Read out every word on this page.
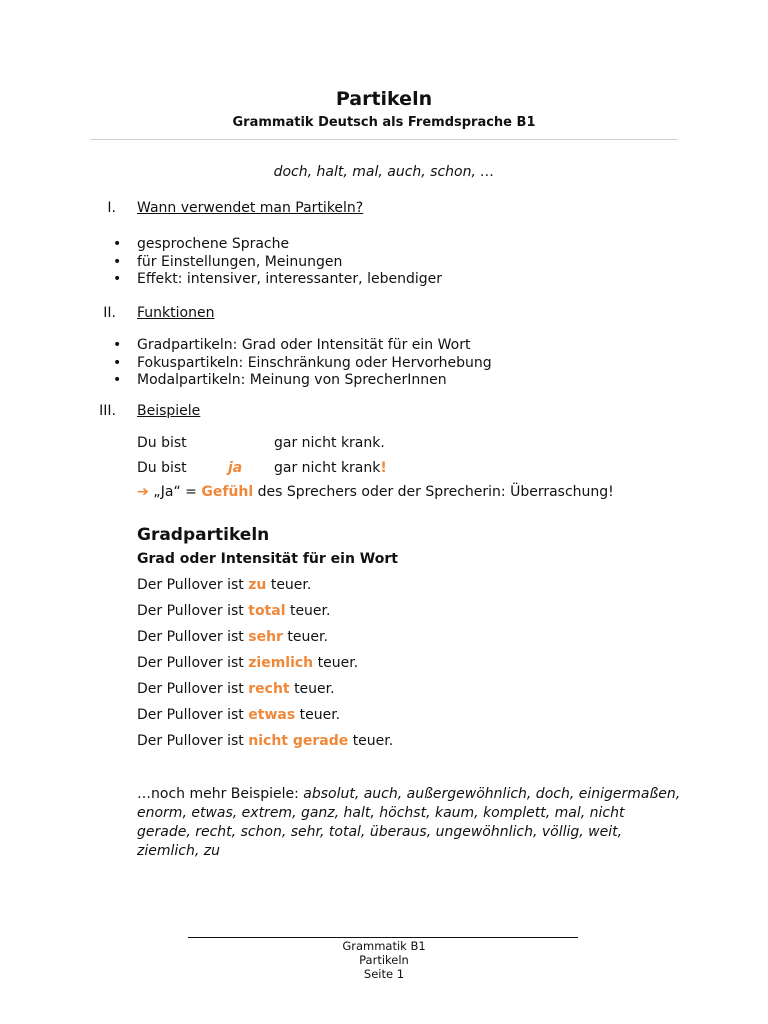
Partikeln
Grammatik Deutsch als Fremdsprache B1
doch, halt, mal, auch, schon, …
I. Wann verwendet man Partikeln?
• gesprochene Sprache
• für Einstellungen, Meinungen
• Effekt: intensiver, interessanter, lebendiger
II. Funktionen
• Gradpartikeln: Grad oder Intensität für ein Wort
• Fokuspartikeln: Einschränkung oder Hervorhebung
• Modalpartikeln: Meinung von SprecherInnen
III. Beispiele
Du bist	gar nicht krank.
Du bist	ja gar nicht krank!
➔ „Ja“ = Gefühl des Sprechers oder der Sprecherin: Überraschung!
Gradpartikeln
Grad oder Intensität für ein Wort
Der Pullover ist zu teuer.
Der Pullover ist total teuer.
Der Pullover ist sehr teuer.
Der Pullover ist ziemlich teuer.
Der Pullover ist recht teuer.
Der Pullover ist etwas teuer.
Der Pullover ist nicht gerade teuer.
…noch mehr Beispiele: absolut, auch, außergewöhnlich, doch, einigermaßen, enorm, etwas, extrem, ganz, halt, höchst, kaum, komplett, mal, nicht gerade, recht, schon, sehr, total, überaus, ungewöhnlich, völlig, weit, ziemlich, zu
Grammatik B1
Partikeln
Seite 1
